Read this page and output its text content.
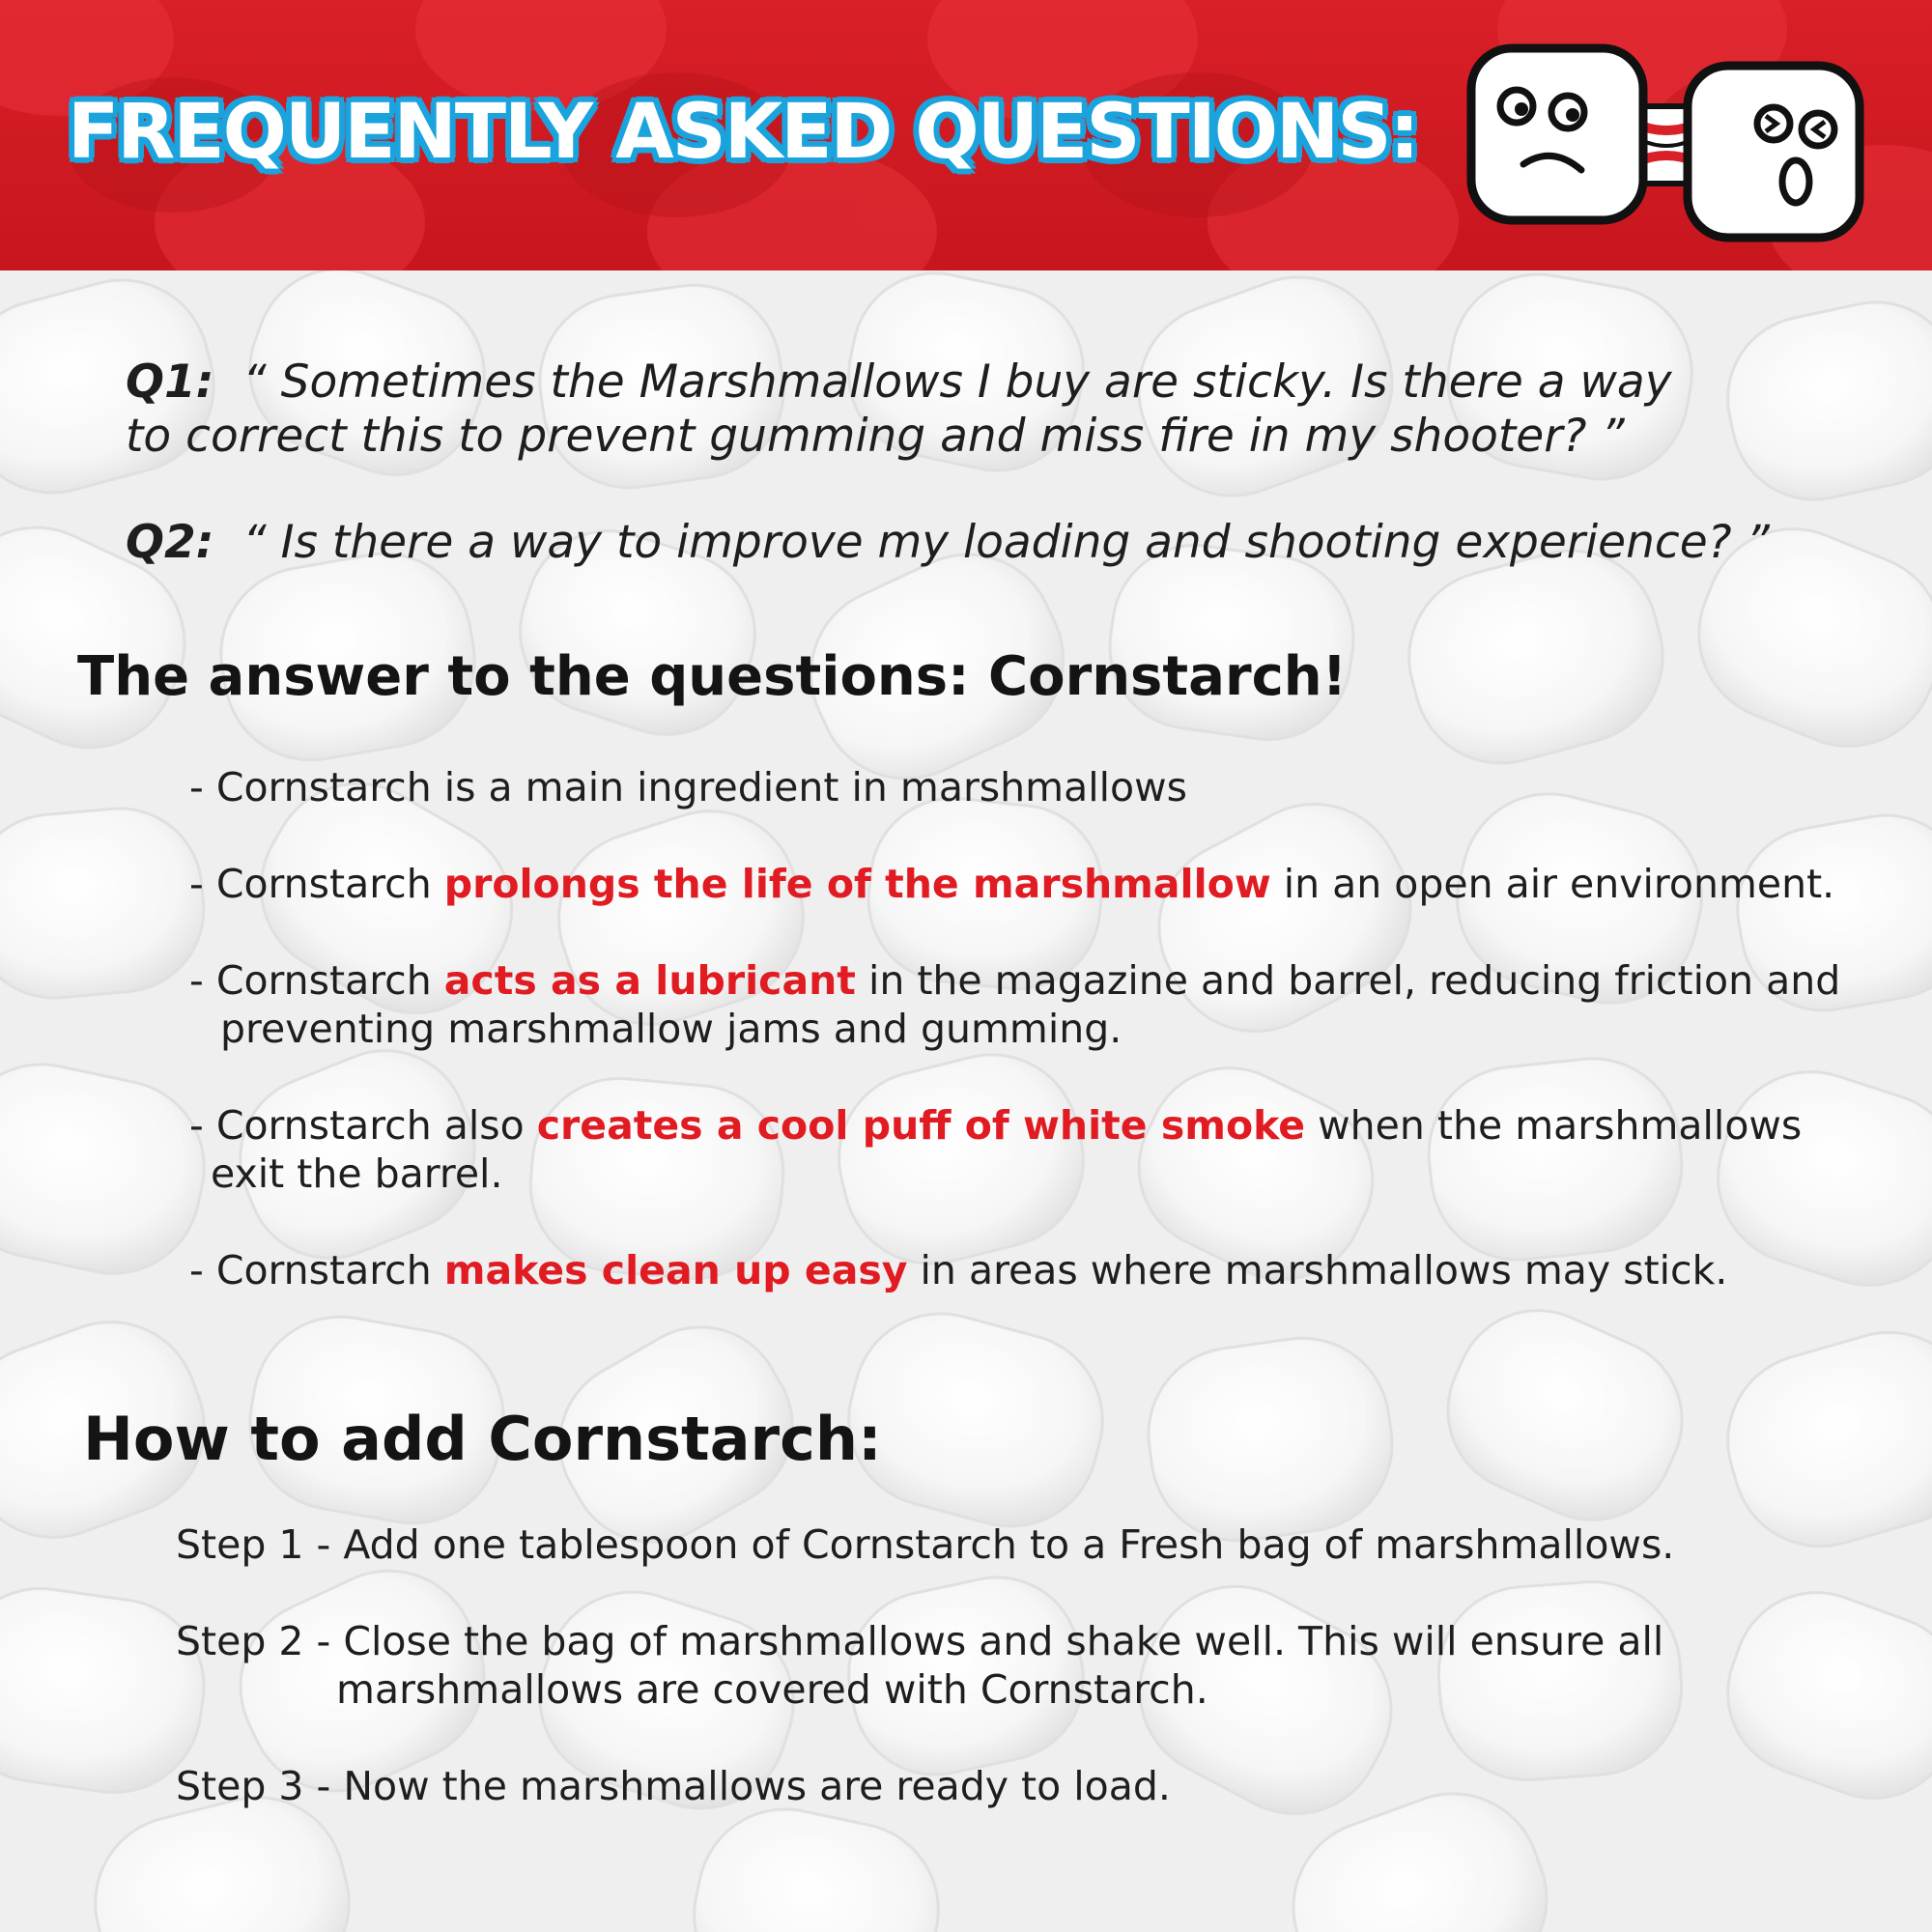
FREQUENTLY ASKED QUESTIONS:
Q1: “ Sometimes the Marshmallows I buy are sticky. Is there a way
to correct this to prevent gumming and miss fire in my shooter? ”
Q2: “ Is there a way to improve my loading and shooting experience? ”
The answer to the questions: Cornstarch!
- Cornstarch is a main ingredient in marshmallows
- Cornstarch prolongs the life of the marshmallow in an open air environment.
- Cornstarch acts as a lubricant in the magazine and barrel, reducing friction and
preventing marshmallow jams and gumming.
- Cornstarch also creates a cool puff of white smoke when the marshmallows
exit the barrel.
- Cornstarch makes clean up easy in areas where marshmallows may stick.
How to add Cornstarch:
Step 1 - Add one tablespoon of Cornstarch to a Fresh bag of marshmallows.
Step 2 - Close the bag of marshmallows and shake well. This will ensure all
marshmallows are covered with Cornstarch.
Step 3 - Now the marshmallows are ready to load.
